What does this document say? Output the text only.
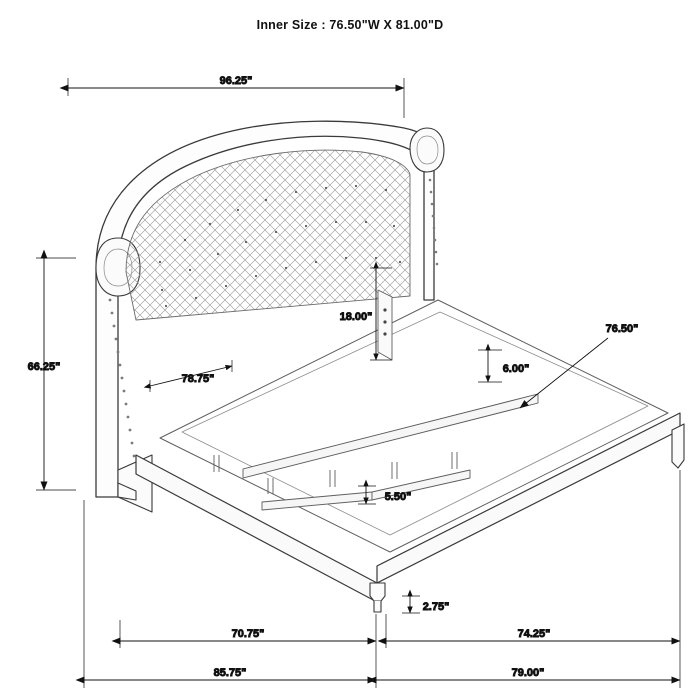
Inner Size : 76.50"W X 81.00"D
96.25"
66.25"
78.75"
18.00"
6.00"
76.50"
5.50"
2.75"
70.75"	74.25"
85.75"	79.00"
